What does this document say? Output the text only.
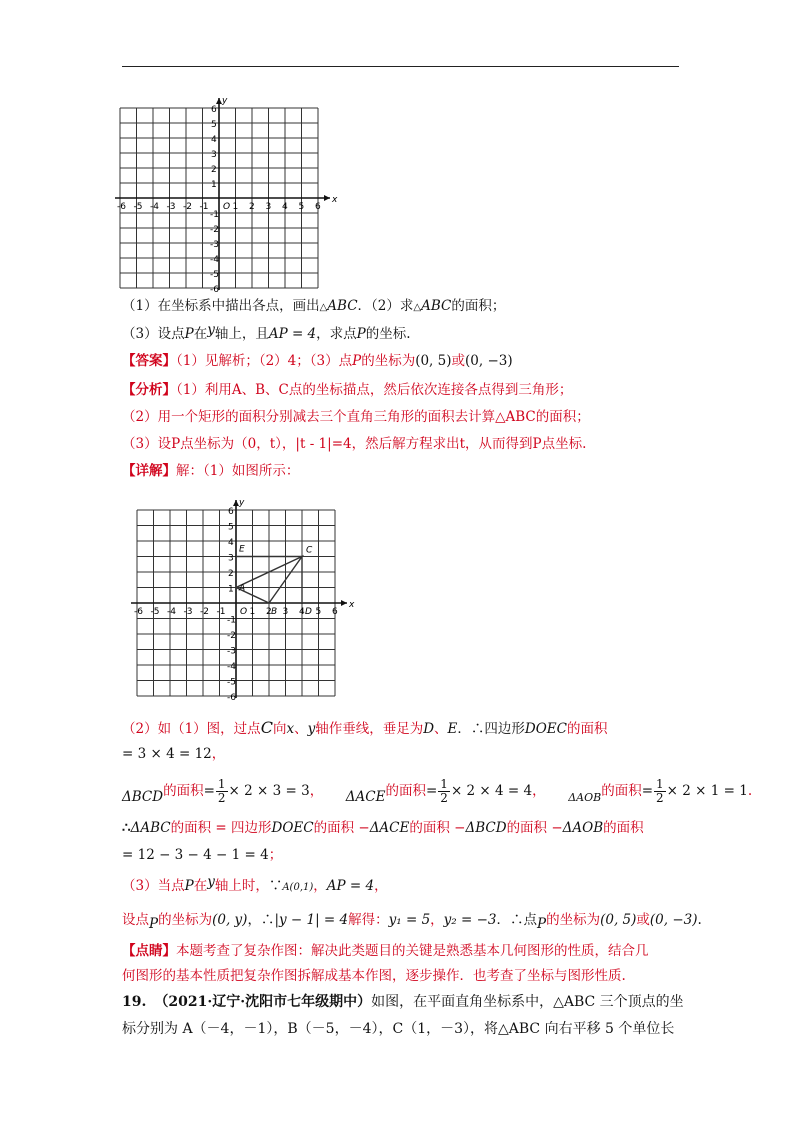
x
y
-6 -5 -4 -3 -2 -1 O 1 2 3 4 5 6
1
2
3
4
5
6
-1
-2
-3
-4
-5
-6
（1）在坐标系中描出各点，画出△ABC．（2）求△ABC的面积；
（3）设点P在y轴上，且AP = 4，求点P的坐标.
【答案】（1）见解析；（2）4；（3）点P的坐标为(0, 5)或(0, −3)
【分析】（1）利用A、B、C点的坐标描点，然后依次连接各点得到三角形；
（2）用一个矩形的面积分别减去三个直角三角形的面积去计算△ABC的面积；
（3）设P点坐标为（0，t），|t - 1|=4，然后解方程求出t，从而得到P点坐标.
【详解】解：（1）如图所示：
x
y
-6 -5 -4 -3 -2 -1 O 1 2 3 4 5 6
1
2
3
4
5
6
-1
-2
-3
-4
-5
-6
A
B
C
D
E
（2）如（1）图，过点C向x、y轴作垂线，垂足为D、E．∴四边形DOEC的面积
= 3 × 4 = 12，
ΔBCD的面积= $\frac{1}{2} \times 2 \times 3 = 3$， ΔACE的面积= $\frac{1}{2} \times 2 \times 4 = 4$， $_{\Delta AOB}$的面积= $\frac{1}{2} \times 2 \times 1 = 1$.
∴ΔABC的面积 = 四边形DOEC的面积 −ΔACE的面积 −ΔBCD的面积 −ΔAOB的面积
= 12 − 3 − 4 − 1 = 4；
（3）当点P在y轴上时，∵A(0,1)，AP = 4，
设点P的坐标为(0, y)，∴|y − 1| = 4解得：y₁ = 5，y₂ = −3．∴点P的坐标为(0, 5)或(0, −3).
【点睛】本题考查了复杂作图：解决此类题目的关键是熟悉基本几何图形的性质，结合几
何图形的基本性质把复杂作图拆解成基本作图，逐步操作．也考查了坐标与图形性质.
19. （2021·辽宁·沈阳市七年级期中）如图，在平面直角坐标系中，△ABC 三个顶点的坐
标分别为 A（－4，－1），B（－5，－4），C（1，－3），将△ABC 向右平移 5 个单位长
